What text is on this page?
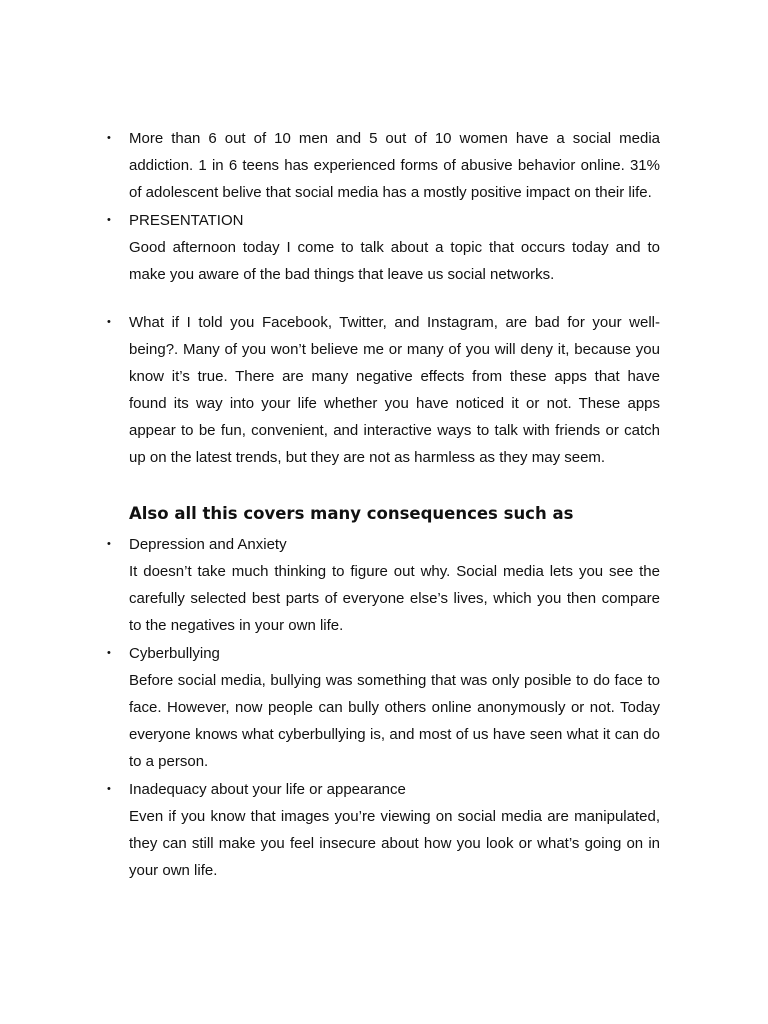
• More than 6 out of 10 men and 5 out of 10 women have a social media
addiction. 1 in 6 teens has experienced forms of abusive behavior online. 31%
of adolescent belive that social media has a mostly positive impact on their life.
• PRESENTATION
Good afternoon today I come to talk about a topic that occurs today and to
make you aware of the bad things that leave us social networks.
• What if I told you Facebook, Twitter, and Instagram, are bad for your well-
being?. Many of you won’t believe me or many of you will deny it, because you
know it’s true. There are many negative effects from these apps that have
found its way into your life whether you have noticed it or not. These apps
appear to be fun, convenient, and interactive ways to talk with friends or catch
up on the latest trends, but they are not as harmless as they may seem.
Also all this covers many consequences such as
• Depression and Anxiety
It doesn’t take much thinking to figure out why. Social media lets you see the
carefully selected best parts of everyone else’s lives, which you then compare
to the negatives in your own life.
• Cyberbullying
Before social media, bullying was something that was only posible to do face to
face. However, now people can bully others online anonymously or not. Today
everyone knows what cyberbullying is, and most of us have seen what it can do
to a person.
• Inadequacy about your life or appearance
Even if you know that images you’re viewing on social media are manipulated,
they can still make you feel insecure about how you look or what’s going on in
your own life.
